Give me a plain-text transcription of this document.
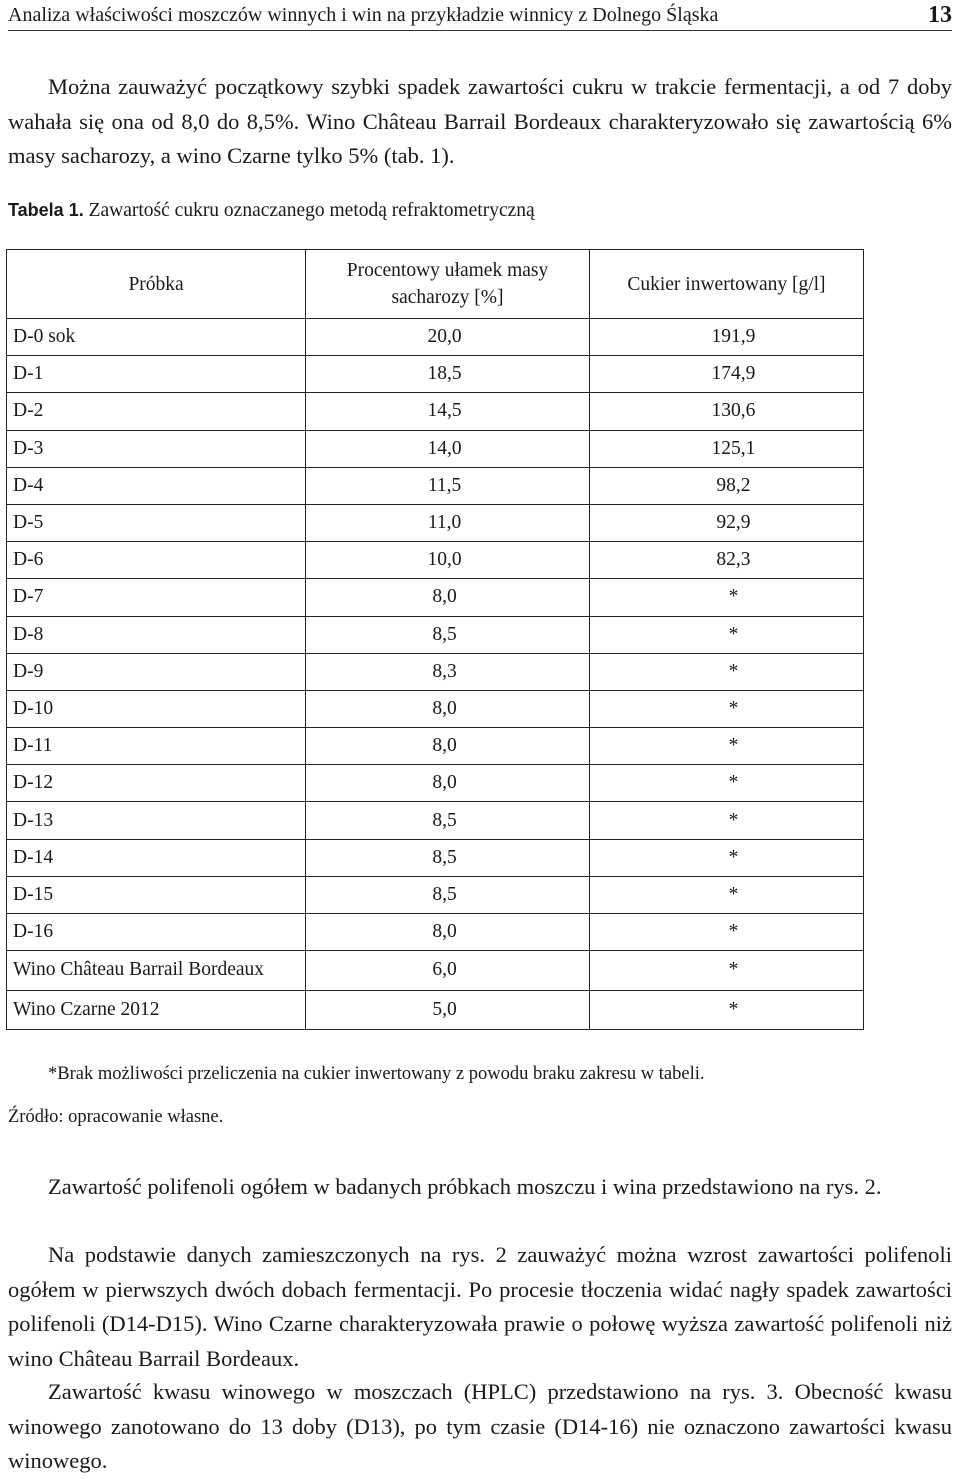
Analiza właściwości moszczów winnych i win na przykładzie winnicy z Dolnego Śląska	13

Można zauważyć początkowy szybki spadek zawartości cukru w trakcie fermentacji, a od 7 doby wahała się ona od 8,0 do 8,5%. Wino Château Barrail Bordeaux charakteryzowało się zawartością 6% masy sacharozy, a wino Czarne tylko 5% (tab. 1).

Tabela 1. Zawartość cukru oznaczanego metodą refraktometryczną
Próbka	Procentowy ułamek masy sacharozy [%]	Cukier inwertowany [g/l]
D-0 sok	20,0	191,9
D-1	18,5	174,9
D-2	14,5	130,6
D-3	14,0	125,1
D-4	11,5	98,2
D-5	11,0	92,9
D-6	10,0	82,3
D-7	8,0	*
D-8	8,5	*
D-9	8,3	*
D-10	8,0	*
D-11	8,0	*
D-12	8,0	*
D-13	8,5	*
D-14	8,5	*
D-15	8,5	*
D-16	8,0	*
Wino Château Barrail Bordeaux	6,0	*
Wino Czarne 2012	5,0	*
*Brak możliwości przeliczenia na cukier inwertowany z powodu braku zakresu w tabeli.
Źródło: opracowanie własne.

Zawartość polifenoli ogółem w badanych próbkach moszczu i wina przedstawiono na rys. 2.

Na podstawie danych zamieszczonych na rys. 2 zauważyć można wzrost zawartości polifenoli ogółem w pierwszych dwóch dobach fermentacji. Po procesie tłoczenia widać nagły spadek zawartości polifenoli (D14-D15). Wino Czarne charakteryzowała prawie o połowę wyższa zawartość polifenoli niż wino Château Barrail Bordeaux.

Zawartość kwasu winowego w moszczach (HPLC) przedstawiono na rys. 3. Obecność kwasu winowego zanotowano do 13 doby (D13), po tym czasie (D14-16) nie oznaczono zawartości kwasu winowego.
